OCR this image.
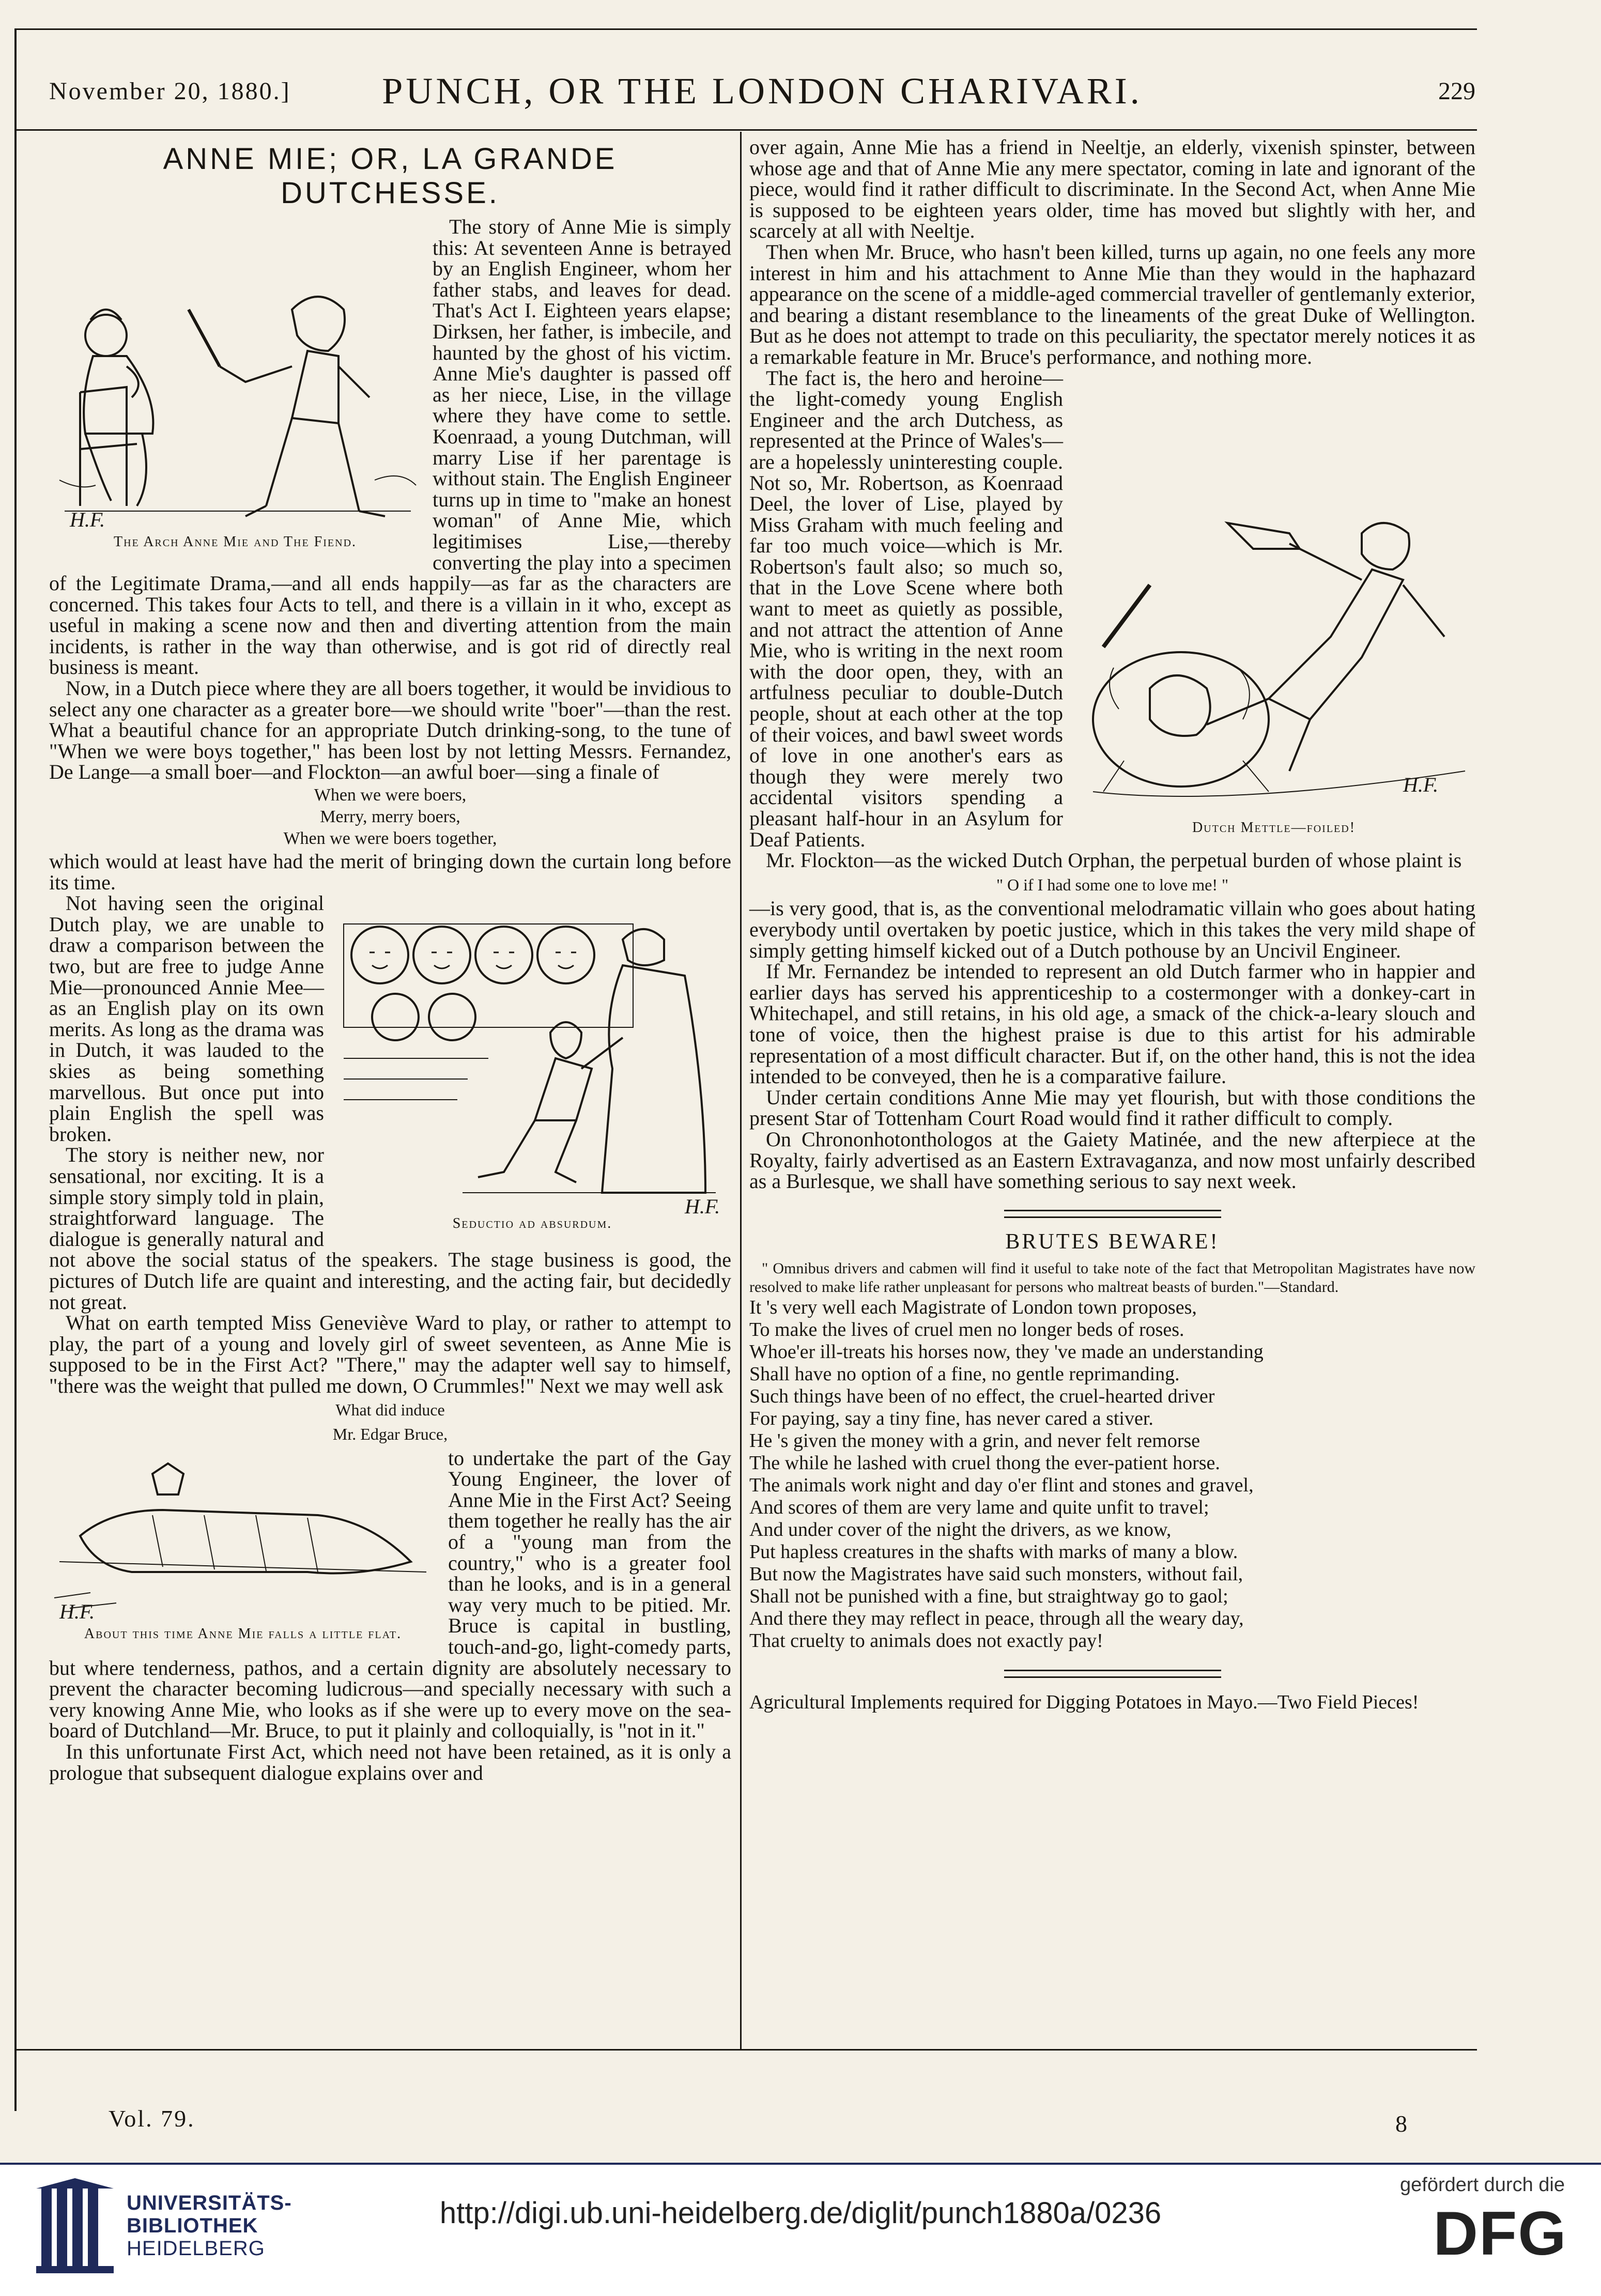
November 20, 1880.]	PUNCH, OR THE LONDON CHARIVARI.	229
ANNE MIE; OR, LA GRANDE DUTCHESSE.
H.F.
The Arch Anne Mie and The Fiend.

The story of Anne Mie is simply this: At seventeen Anne is betrayed by an English Engineer, whom her father stabs, and leaves for dead. That's Act I. Eighteen years elapse; Dirksen, her father, is imbecile, and haunted by the ghost of his victim. Anne Mie's daughter is passed off as her niece, Lise, in the village where they have come to settle. Koenraad, a young Dutchman, will marry Lise if her parentage is without stain. The English Engineer turns up in time to "make an honest woman" of Anne Mie, which legitimises Lise,—thereby converting the play into a specimen of the Legitimate Drama,—and all ends happily—as far as the characters are concerned. This takes four Acts to tell, and there is a villain in it who, except as useful in making a scene now and then and diverting attention from the main incidents, is rather in the way than otherwise, and is got rid of directly real business is meant.

Now, in a Dutch piece where they are all boers together, it would be invidious to select any one character as a greater bore—we should write "boer"—than the rest. What a beautiful chance for an appropriate Dutch drinking-song, to the tune of "When we were boys together," has been lost by not letting Messrs. Fernandez, De Lange—a small boer—and Flockton—an awful boer—sing a finale of

When we were boers,
Merry, merry boers,
When we were boers together,

which would at least have had the merit of bringing down the curtain long before its time.

H.F.
Seductio ad absurdum.

Not having seen the original Dutch play, we are unable to draw a comparison between the two, but are free to judge Anne Mie—pronounced Annie Mee—as an English play on its own merits. As long as the drama was in Dutch, it was lauded to the skies as being something marvellous. But once put into plain English the spell was broken.

The story is neither new, nor sensational, nor exciting. It is a simple story simply told in plain, straightforward language. The dialogue is generally natural and not above the social status of the speakers. The stage business is good, the pictures of Dutch life are quaint and interesting, and the acting fair, but decidedly not great.

What on earth tempted Miss Geneviève Ward to play, or rather to attempt to play, the part of a young and lovely girl of sweet seventeen, as Anne Mie is supposed to be in the First Act? "There," may the adapter well say to himself, "there was the weight that pulled me down, O Crummles!" Next we may well ask

What did induce
Mr. Edgar Bruce,
H.F.
About this time Anne Mie falls a little flat.

to undertake the part of the Gay Young Engineer, the lover of Anne Mie in the First Act? Seeing them together he really has the air of a "young man from the country," who is a greater fool than he looks, and is in a general way very much to be pitied. Mr. Bruce is capital in bustling, touch-and-go, light-comedy parts, but where tenderness, pathos, and a certain dignity are absolutely necessary to prevent the character becoming ludicrous—and specially necessary with such a very knowing Anne Mie, who looks as if she were up to every move on the sea-board of Dutchland—Mr. Bruce, to put it plainly and colloquially, is "not in it."

In this unfortunate First Act, which need not have been retained, as it is only a prologue that subsequent dialogue explains over and

over again, Anne Mie has a friend in Neeltje, an elderly, vixenish spinster, between whose age and that of Anne Mie any mere spectator, coming in late and ignorant of the piece, would find it rather difficult to discriminate. In the Second Act, when Anne Mie is supposed to be eighteen years older, time has moved but slightly with her, and scarcely at all with Neeltje.

Then when Mr. Bruce, who hasn't been killed, turns up again, no one feels any more interest in him and his attachment to Anne Mie than they would in the haphazard appearance on the scene of a middle-aged commercial traveller of gentlemanly exterior, and bearing a distant resemblance to the lineaments of the great Duke of Wellington. But as he does not attempt to trade on this peculiarity, the spectator merely notices it as a remarkable feature in Mr. Bruce's performance, and nothing more.

H.F.
Dutch Mettle—foiled!

The fact is, the hero and heroine—the light-comedy young English Engineer and the arch Dutchess, as represented at the Prince of Wales's—are a hopelessly uninteresting couple. Not so, Mr. Robertson, as Koenraad Deel, the lover of Lise, played by Miss Graham with much feeling and far too much voice—which is Mr. Robertson's fault also; so much so, that in the Love Scene where both want to meet as quietly as possible, and not attract the attention of Anne Mie, who is writing in the next room with the door open, they, with an artfulness peculiar to double-Dutch people, shout at each other at the top of their voices, and bawl sweet words of love in one another's ears as though they were merely two accidental visitors spending a pleasant half-hour in an Asylum for Deaf Patients.

Mr. Flockton—as the wicked Dutch Orphan, the perpetual burden of whose plaint is

" O if I had some one to love me! "

—is very good, that is, as the conventional melodramatic villain who goes about hating everybody until overtaken by poetic justice, which in this takes the very mild shape of simply getting himself kicked out of a Dutch pothouse by an Uncivil Engineer.

If Mr. Fernandez be intended to represent an old Dutch farmer who in happier and earlier days has served his apprenticeship to a costermonger with a donkey-cart in Whitechapel, and still retains, in his old age, a smack of the chick-a-leary slouch and tone of voice, then the highest praise is due to this artist for his admirable representation of a most difficult character. But if, on the other hand, this is not the idea intended to be conveyed, then he is a comparative failure.

Under certain conditions Anne Mie may yet flourish, but with those conditions the present Star of Tottenham Court Road would find it rather difficult to comply.

On Chrononhotonthologos at the Gaiety Matinée, and the new afterpiece at the Royalty, fairly advertised as an Eastern Extravaganza, and now most unfairly described as a Burlesque, we shall have something serious to say next week.

BRUTES BEWARE!

" Omnibus drivers and cabmen will find it useful to take note of the fact that Metropolitan Magistrates have now resolved to make life rather unpleasant for persons who maltreat beasts of burden."—Standard.

It 's very well each Magistrate of London town proposes,
To make the lives of cruel men no longer beds of roses.
Whoe'er ill-treats his horses now, they 've made an understanding
Shall have no option of a fine, no gentle reprimanding.
Such things have been of no effect, the cruel-hearted driver
For paying, say a tiny fine, has never cared a stiver.
He 's given the money with a grin, and never felt remorse
The while he lashed with cruel thong the ever-patient horse.
The animals work night and day o'er flint and stones and gravel,
And scores of them are very lame and quite unfit to travel;
And under cover of the night the drivers, as we know,
Put hapless creatures in the shafts with marks of many a blow.
But now the Magistrates have said such monsters, without fail,
Shall not be punished with a fine, but straightway go to gaol;
And there they may reflect in peace, through all the weary day,
That cruelty to animals does not exactly pay!

Agricultural Implements required for Digging Potatoes in Mayo.—Two Field Pieces!

Vol. 79.	8
UNIVERSITÄTS-
BIBLIOTHEK
HEIDELBERG
http://digi.ub.uni-heidelberg.de/diglit/punch1880a/0236
gefördert durch die
DFG
